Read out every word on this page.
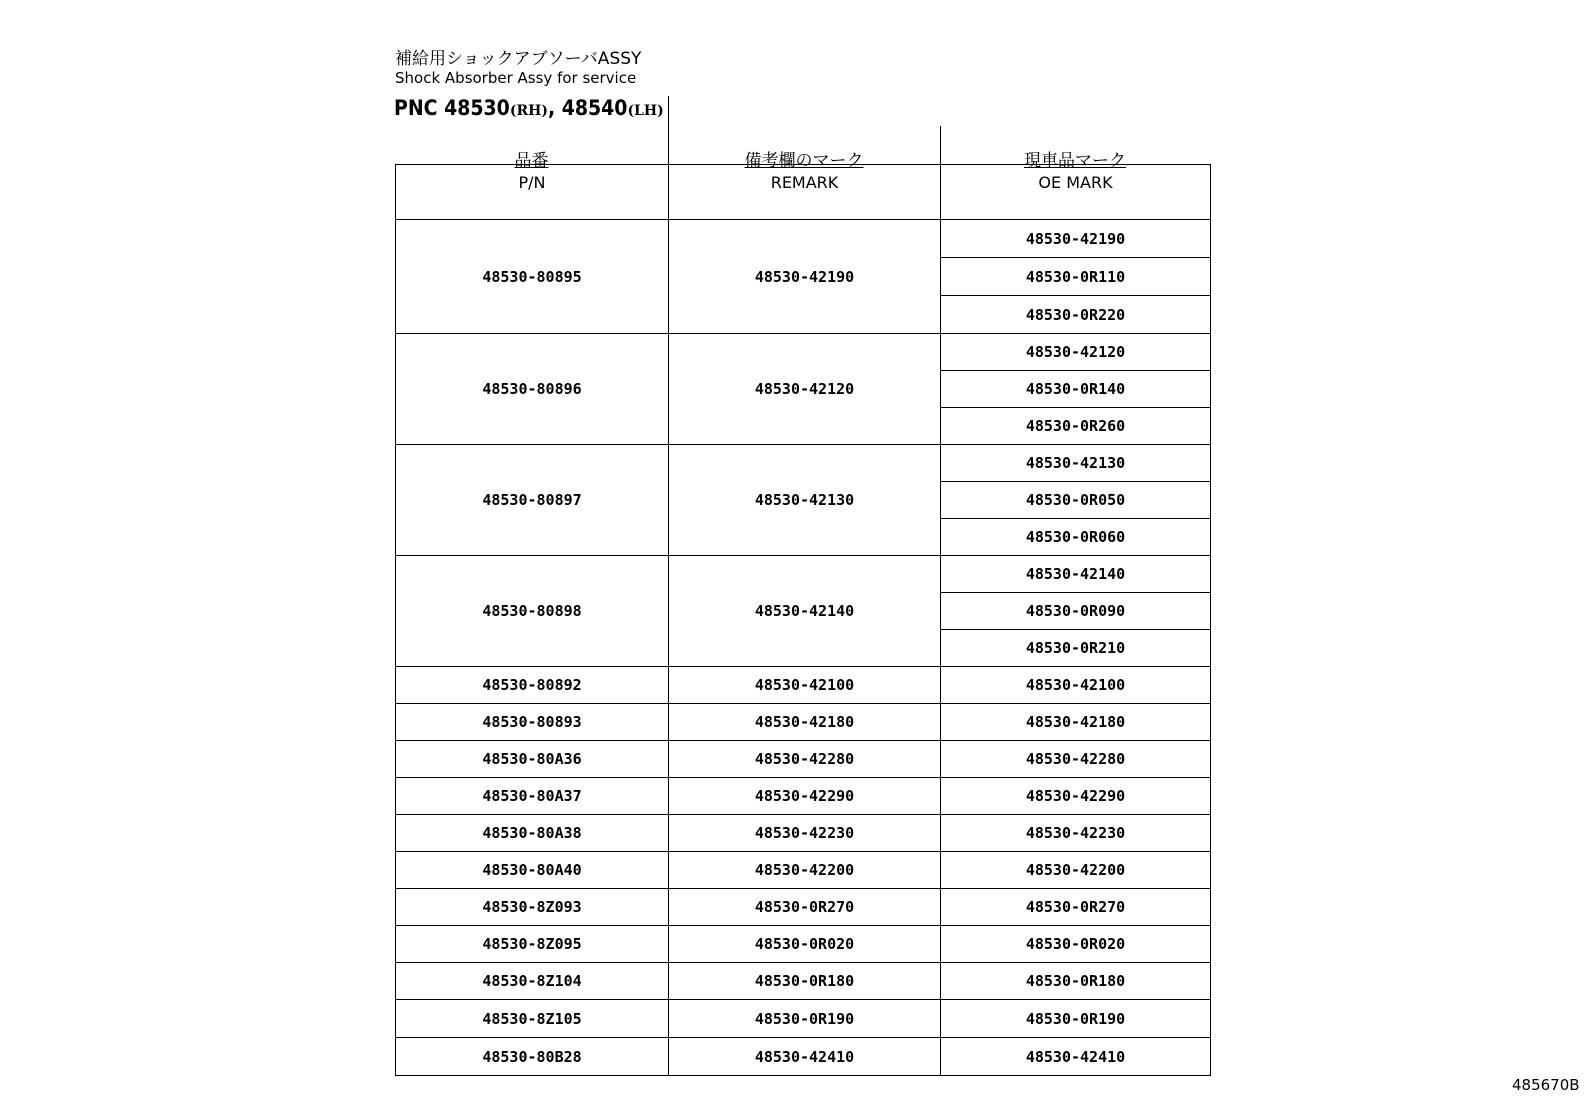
補給用ショックアブソーバASSY
Shock Absorber Assy for service
PNC 48530(RH), 48540(LH)
品番	備考欄のマーク	現車品マーク
P/N	REMARK	OE MARK
48530-80895	48530-42190	48530-42190
		48530-0R110
		48530-0R220
48530-80896	48530-42120	48530-42120
		48530-0R140
		48530-0R260
48530-80897	48530-42130	48530-42130
		48530-0R050
		48530-0R060
48530-80898	48530-42140	48530-42140
		48530-0R090
		48530-0R210
48530-80892	48530-42100	48530-42100
48530-80893	48530-42180	48530-42180
48530-80A36	48530-42280	48530-42280
48530-80A37	48530-42290	48530-42290
48530-80A38	48530-42230	48530-42230
48530-80A40	48530-42200	48530-42200
48530-8Z093	48530-0R270	48530-0R270
48530-8Z095	48530-0R020	48530-0R020
48530-8Z104	48530-0R180	48530-0R180
48530-8Z105	48530-0R190	48530-0R190
48530-80B28	48530-42410	48530-42410
485670B
